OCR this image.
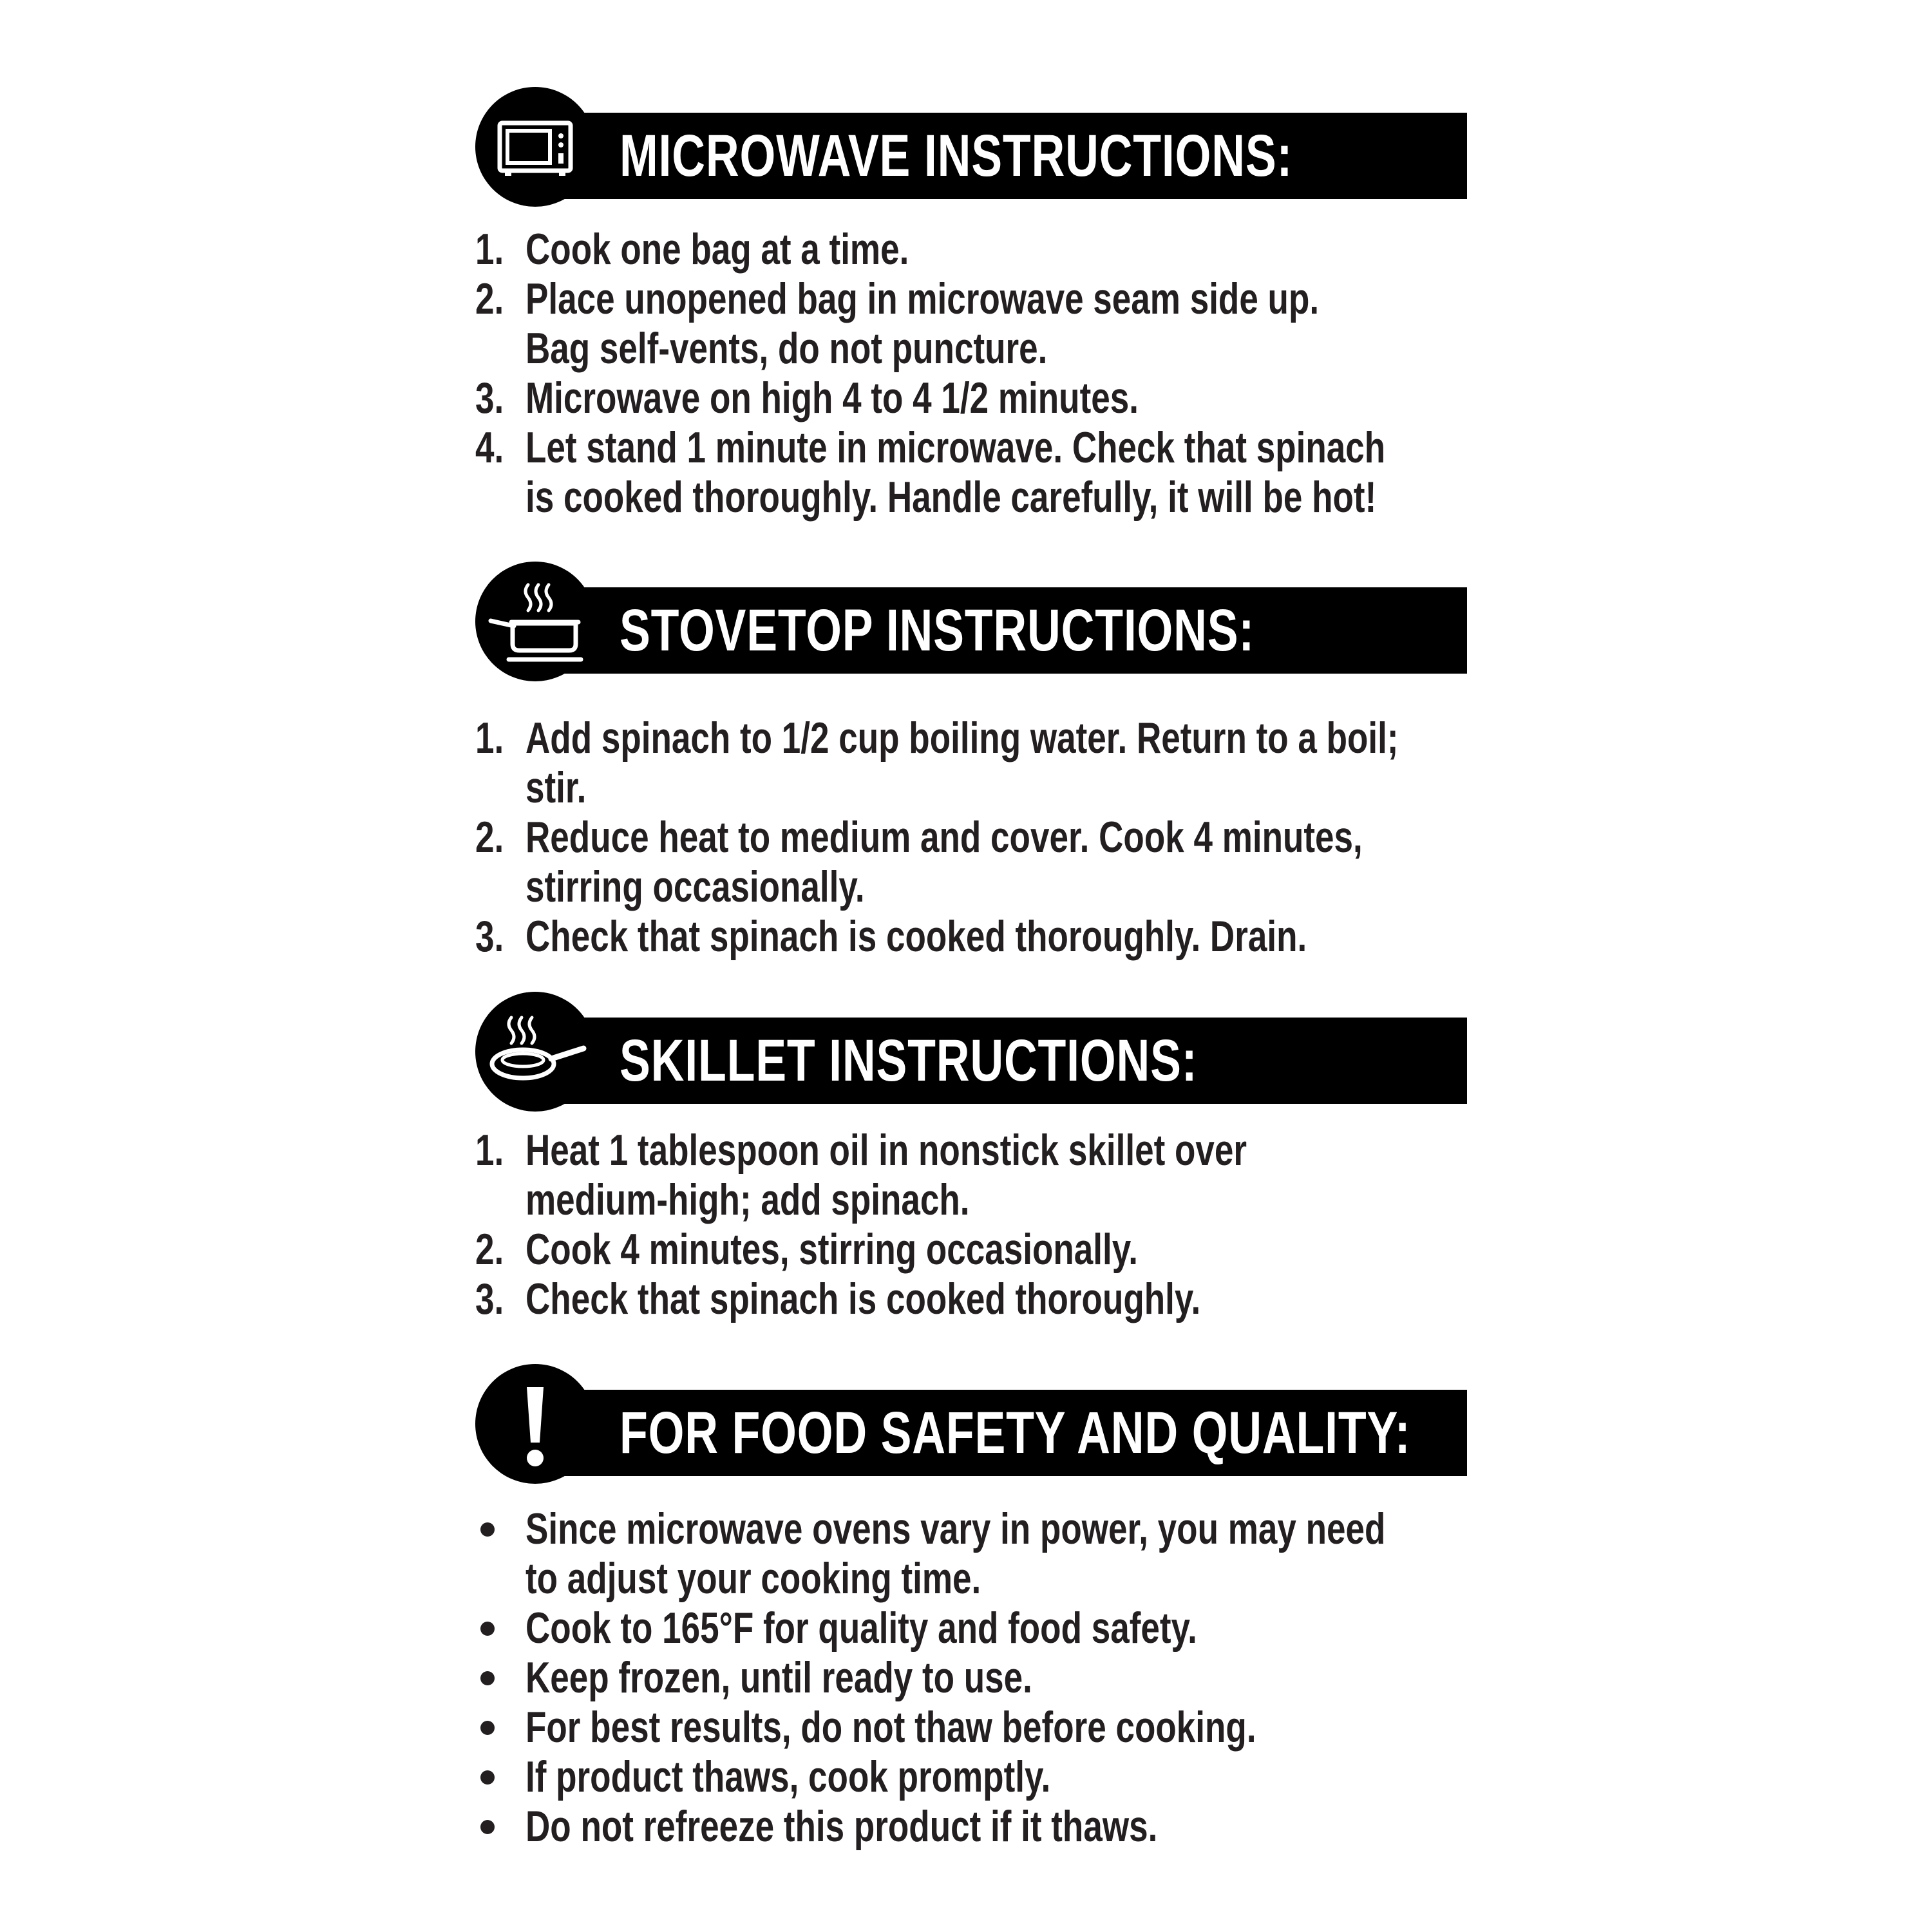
MICROWAVE INSTRUCTIONS:
1. Cook one bag at a time.
2. Place unopened bag in microwave seam side up.
Bag self-vents, do not puncture.
3. Microwave on high 4 to 4 1/2 minutes.
4. Let stand 1 minute in microwave. Check that spinach
is cooked thoroughly. Handle carefully, it will be hot!
STOVETOP INSTRUCTIONS:
1. Add spinach to 1/2 cup boiling water. Return to a boil;
stir.
2. Reduce heat to medium and cover. Cook 4 minutes,
stirring occasionally.
3. Check that spinach is cooked thoroughly. Drain.
SKILLET INSTRUCTIONS:
1. Heat 1 tablespoon oil in nonstick skillet over
medium-high; add spinach.
2. Cook 4 minutes, stirring occasionally.
3. Check that spinach is cooked thoroughly.
FOR FOOD SAFETY AND QUALITY:
Since microwave ovens vary in power, you may need
to adjust your cooking time.
Cook to 165°F for quality and food safety.
Keep frozen, until ready to use.
For best results, do not thaw before cooking.
If product thaws, cook promptly.
Do not refreeze this product if it thaws.
